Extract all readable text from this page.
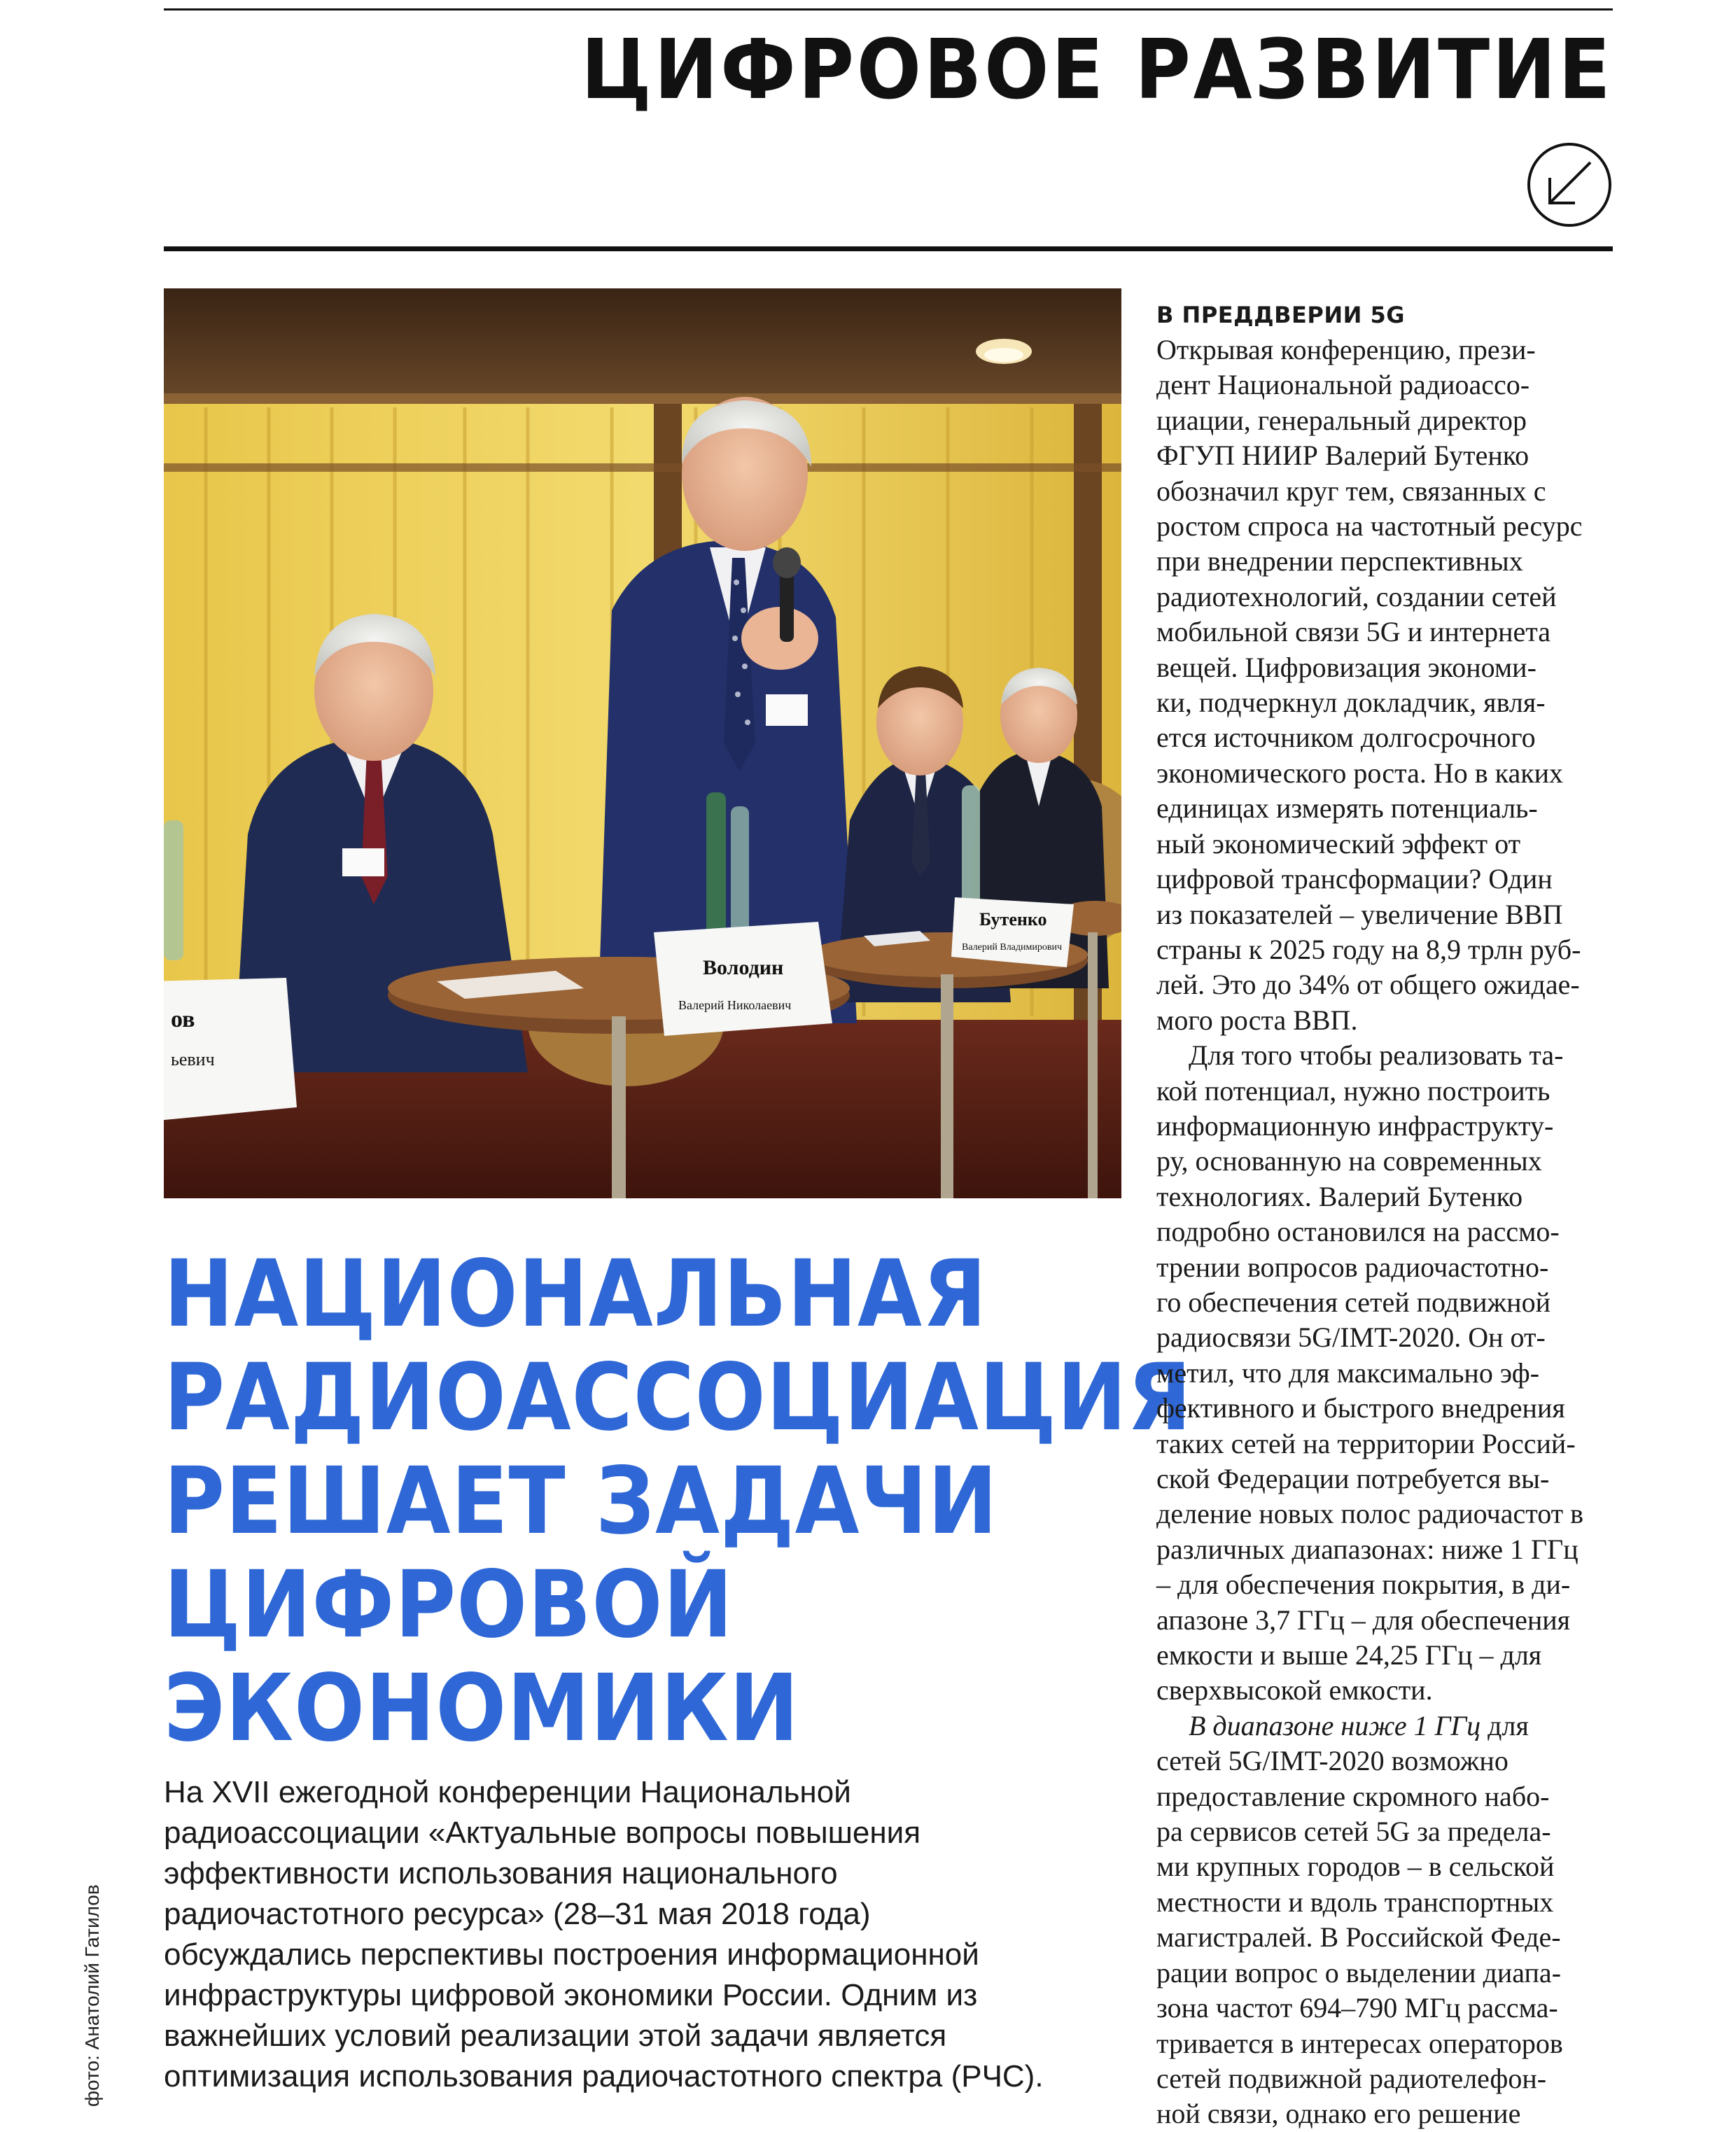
ЦИФРОВОЕ РАЗВИТИЕ
ов
ьевич
Володин
Валерий Николаевич
Бутенко
Валерий Владимирович
фото: Анатолий Гатилов
НАЦИОНАЛЬНАЯ
РАДИОАССОЦИАЦИЯ
РЕШАЕТ ЗАДАЧИ
ЦИФРОВОЙ
ЭКОНОМИКИ
На XVII ежегодной конференции Национальной
радиоассоциации «Актуальные вопросы повышения
эффективности использования национального
радиочастотного ресурса» (28–31 мая 2018 года)
обсуждались перспективы построения информационной
инфраструктуры цифровой экономики России. Одним из
важнейших условий реализации этой задачи является
оптимизация использования радиочастотного спектра (РЧС).
В ПРЕДДВЕРИИ 5G
Открывая конференцию, прези-
дент Национальной радиоассо-
циации, генеральный директор
ФГУП НИИР Валерий Бутенко
обозначил круг тем, связанных с
ростом спроса на частотный ресурс
при внедрении перспективных
радиотехнологий, создании сетей
мобильной связи 5G и интернета
вещей. Цифровизация экономи-
ки, подчеркнул докладчик, явля-
ется источником долгосрочного
экономического роста. Но в каких
единицах измерять потенциаль-
ный экономический эффект от
цифровой трансформации? Один
из показателей – увеличение ВВП
страны к 2025 году на 8,9 трлн руб-
лей. Это до 34% от общего ожидае-
мого роста ВВП.
Для того чтобы реализовать та-
кой потенциал, нужно построить
информационную инфраструкту-
ру, основанную на современных
технологиях. Валерий Бутенко
подробно остановился на рассмо-
трении вопросов радиочастотно-
го обеспечения сетей подвижной
радиосвязи 5G/IMT-2020. Он от-
метил, что для максимально эф-
фективного и быстрого внедрения
таких сетей на территории Россий-
ской Федерации потребуется вы-
деление новых полос радиочастот в
различных диапазонах: ниже 1 ГГц
– для обеспечения покрытия, в ди-
апазоне 3,7 ГГц – для обеспечения
емкости и выше 24,25 ГГц – для
сверхвысокой емкости.
В диапазоне ниже 1 ГГц для
сетей 5G/IMT-2020 возможно
предоставление скромного набо-
ра сервисов сетей 5G за предела-
ми крупных городов – в сельской
местности и вдоль транспортных
магистралей. В Российской Феде-
рации вопрос о выделении диапа-
зона частот 694–790 МГц рассма-
тривается в интересах операторов
сетей подвижной радиотелефон-
ной связи, однако его решение
